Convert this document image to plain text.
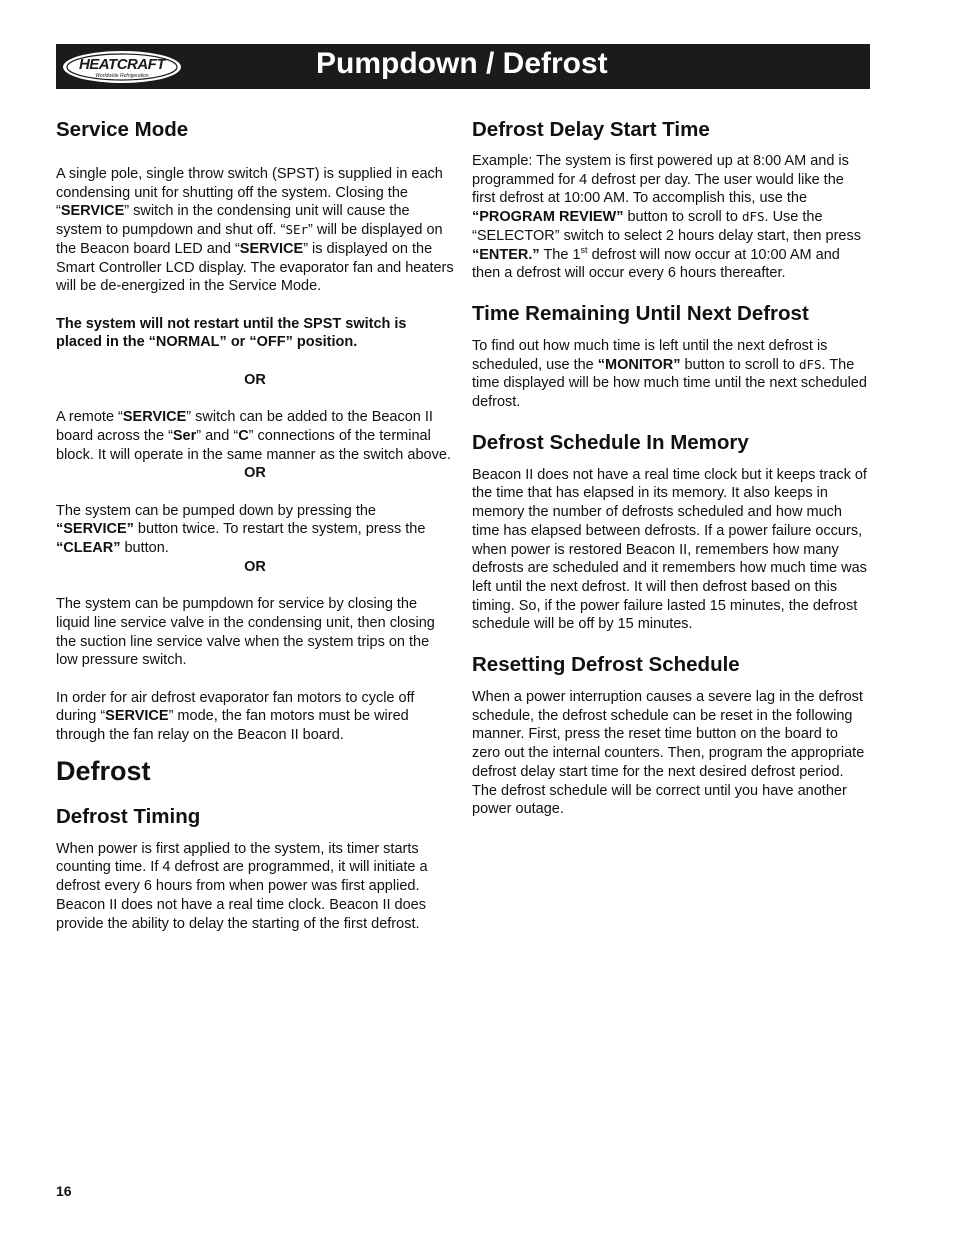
HEATCRAFT
Worldwide Refrigeration	Pumpdown / Defrost
Service Mode

A single pole, single throw switch (SPST) is supplied in each condensing unit for shutting off the system. Closing the “SERVICE” switch in the condensing unit will cause the system to pumpdown and shut off. “SEr” will be displayed on the Beacon board LED and “SERVICE” is displayed on the Smart Controller LCD display. The evaporator fan and heaters will be de-energized in the Service Mode.

The system will not restart until the SPST switch is placed in the “NORMAL” or “OFF” position.

OR

A remote “SERVICE” switch can be added to the Beacon II board across the “Ser” and “C” connections of the terminal block. It will operate in the same manner as the switch above.

OR

The system can be pumped down by pressing the “SERVICE” button twice. To restart the system, press the “CLEAR” button.

OR

The system can be pumpdown for service by closing the liquid line service valve in the condensing unit, then closing the suction line service valve when the system trips on the low pressure switch.

In order for air defrost evaporator fan motors to cycle off during “SERVICE” mode, the fan motors must be wired through the fan relay on the Beacon II board.

Defrost
Defrost Timing

When power is first applied to the system, its timer starts counting time. If 4 defrost are programmed, it will initiate a defrost every 6 hours from when power was first applied. Beacon II does not have a real time clock. Beacon II does provide the ability to delay the starting of the first defrost.

Defrost Delay Start Time

Example: The system is first powered up at 8:00 AM and is programmed for 4 defrost per day. The user would like the first defrost at 10:00 AM. To accomplish this, use the “PROGRAM REVIEW” button to scroll to dFS. Use the “SELECTOR” switch to select 2 hours delay start, then press “ENTER.” The 1st defrost will now occur at 10:00 AM and then a defrost will occur every 6 hours thereafter.

Time Remaining Until Next Defrost

To find out how much time is left until the next defrost is scheduled, use the “MONITOR” button to scroll to dFS. The time displayed will be how much time until the next scheduled defrost.

Defrost Schedule In Memory

Beacon II does not have a real time clock but it keeps track of the time that has elapsed in its memory. It also keeps in memory the number of defrosts scheduled and how much time has elapsed between defrosts. If a power failure occurs, when power is restored Beacon II, remembers how many defrosts are scheduled and it remembers how much time was left until the next defrost. It will then defrost based on this timing. So, if the power failure lasted 15 minutes, the defrost schedule will be off by 15 minutes.

Resetting Defrost Schedule

When a power interruption causes a severe lag in the defrost schedule, the defrost schedule can be reset in the following manner. First, press the reset time button on the board to zero out the internal counters. Then, program the appropriate defrost delay start time for the next desired defrost period. The defrost schedule will be correct until you have another power outage.

16
